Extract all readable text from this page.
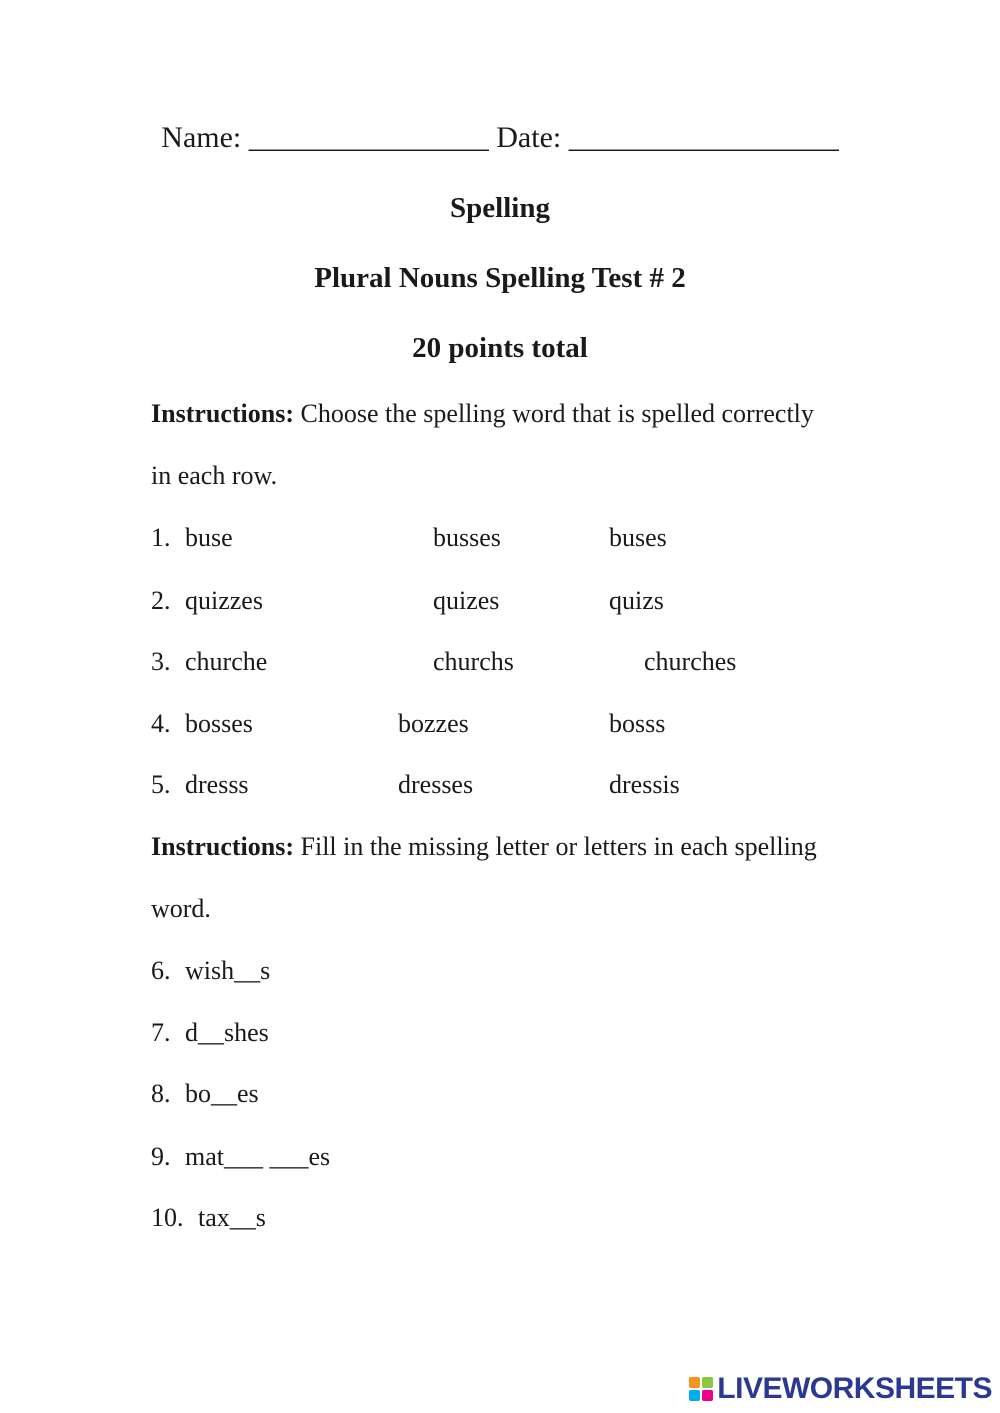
Name: ________________ Date: __________________
Spelling
Plural Nouns Spelling Test # 2
20 points total
Instructions: Choose the spelling word that is spelled correctly
in each row.
1. buse	busses	buses
2. quizzes	quizes	quizs
3. churche	churchs	churches
4. bosses	bozzes	bosss
5. dresss	dresses	dressis
Instructions: Fill in the missing letter or letters in each spelling
word.
6. wish__s
7. d__shes
8. bo__es
9. mat___ ___es
10. tax__s
LIVEWORKSHEETS
